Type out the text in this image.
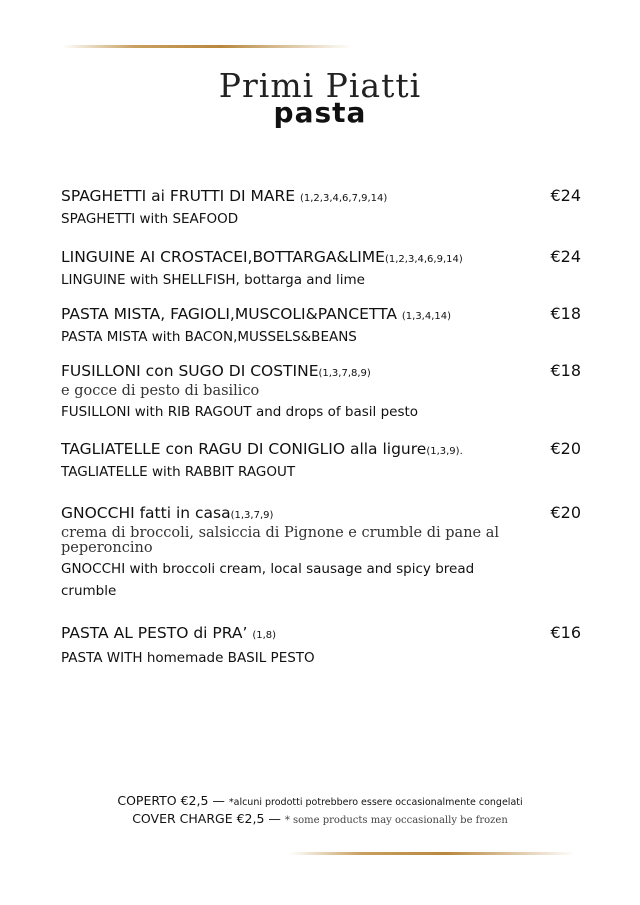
Primi Piatti
pasta
SPAGHETTI ai FRUTTI DI MARE (1,2,3,4,6,7,9,14)	€24
SPAGHETTI with SEAFOOD
LINGUINE AI CROSTACEI,BOTTARGA&LIME(1,2,3,4,6,9,14)	€24
LINGUINE with SHELLFISH, bottarga and lime
PASTA MISTA, FAGIOLI,MUSCOLI&PANCETTA (1,3,4,14)	€18
PASTA MISTA with BACON,MUSSELS&BEANS
FUSILLONI con SUGO DI COSTINE(1,3,7,8,9)	€18
e gocce di pesto di basilico
FUSILLONI with RIB RAGOUT and drops of basil pesto
TAGLIATELLE con RAGU DI CONIGLIO alla ligure(1,3,9).	€20
TAGLIATELLE with RABBIT RAGOUT
GNOCCHI fatti in casa(1,3,7,9)	€20
crema di broccoli, salsiccia di Pignone e crumble di pane al peperoncino
GNOCCHI with broccoli cream, local sausage and spicy bread crumble
PASTA AL PESTO di PRA’ (1,8)	€16
PASTA WITH homemade BASIL PESTO
COPERTO €2,5 — *alcuni prodotti potrebbero essere occasionalmente congelati
COVER CHARGE €2,5 — * some products may occasionally be frozen
